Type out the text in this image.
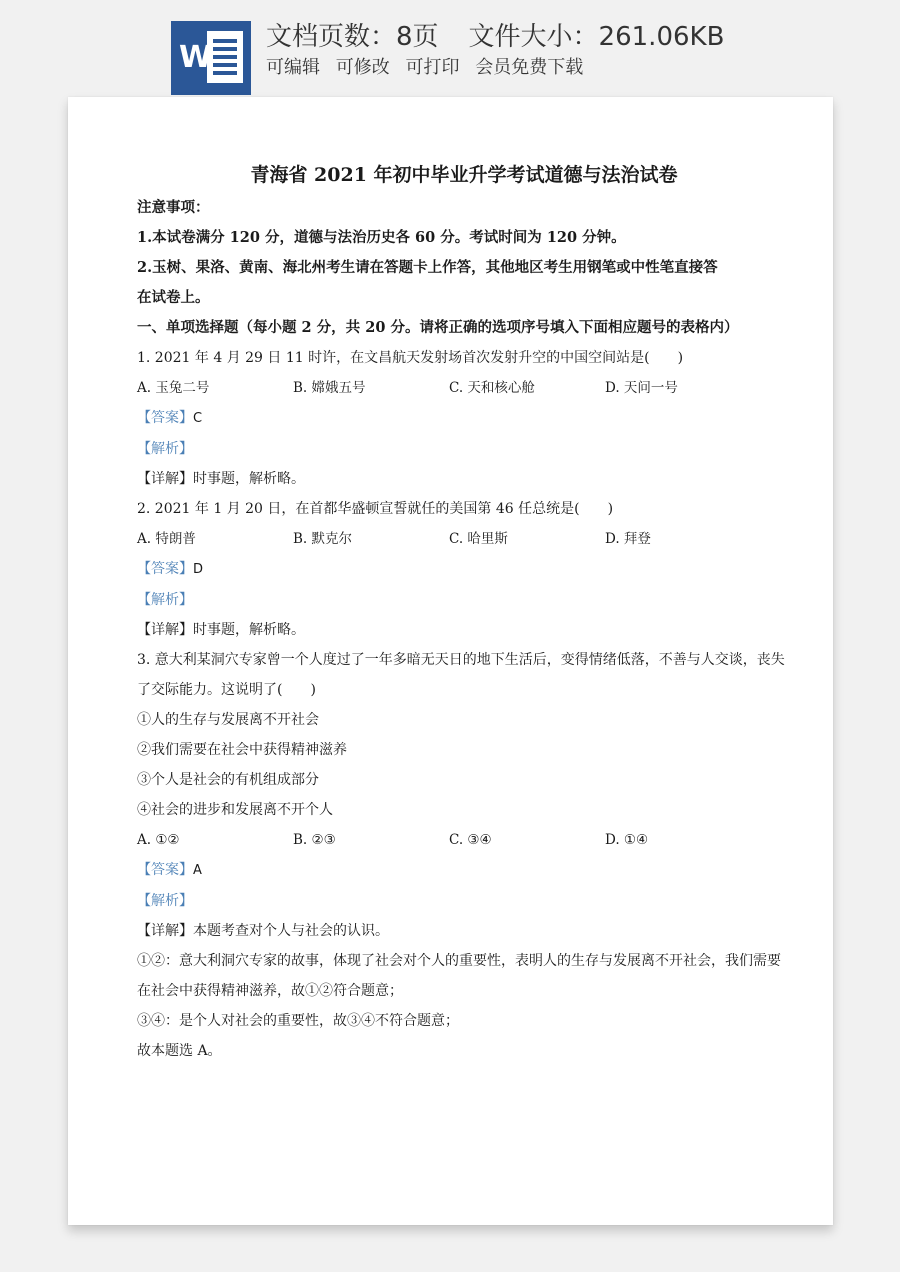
W
文档页数：8页 文件大小：261.06KB
可编辑 可修改 可打印 会员免费下载
青海省 2021 年初中毕业升学考试道德与法治试卷
注意事项：
1.本试卷满分 120 分，道德与法治历史各 60 分。考试时间为 120 分钟。
2.玉树、果洛、黄南、海北州考生请在答题卡上作答，其他地区考生用钢笔或中性笔直接答
在试卷上。
一、单项选择题（每小题 2 分，共 20 分。请将正确的选项序号填入下面相应题号的表格内）
1. 2021 年 4 月 29 日 11 时许，在文昌航天发射场首次发射升空的中国空间站是(　　)
A. 玉兔二号	B. 嫦娥五号	C. 天和核心舱	D. 天问一号
【答案】C
【解析】
【详解】时事题，解析略。
2. 2021 年 1 月 20 日，在首都华盛顿宣誓就任的美国第 46 任总统是(　　)
A. 特朗普	B. 默克尔	C. 哈里斯	D. 拜登
【答案】D
【解析】
【详解】时事题，解析略。
3. 意大利某洞穴专家曾一个人度过了一年多暗无天日的地下生活后，变得情绪低落，不善与人交谈，丧失
了交际能力。这说明了(　　)
①人的生存与发展离不开社会
②我们需要在社会中获得精神滋养
③个人是社会的有机组成部分
④社会的进步和发展离不开个人
A. ①②	B. ②③	C. ③④	D. ①④
【答案】A
【解析】
【详解】本题考查对个人与社会的认识。
①②：意大利洞穴专家的故事，体现了社会对个人的重要性，表明人的生存与发展离不开社会，我们需要
在社会中获得精神滋养，故①②符合题意；
③④：是个人对社会的重要性，故③④不符合题意；
故本题选 A。
